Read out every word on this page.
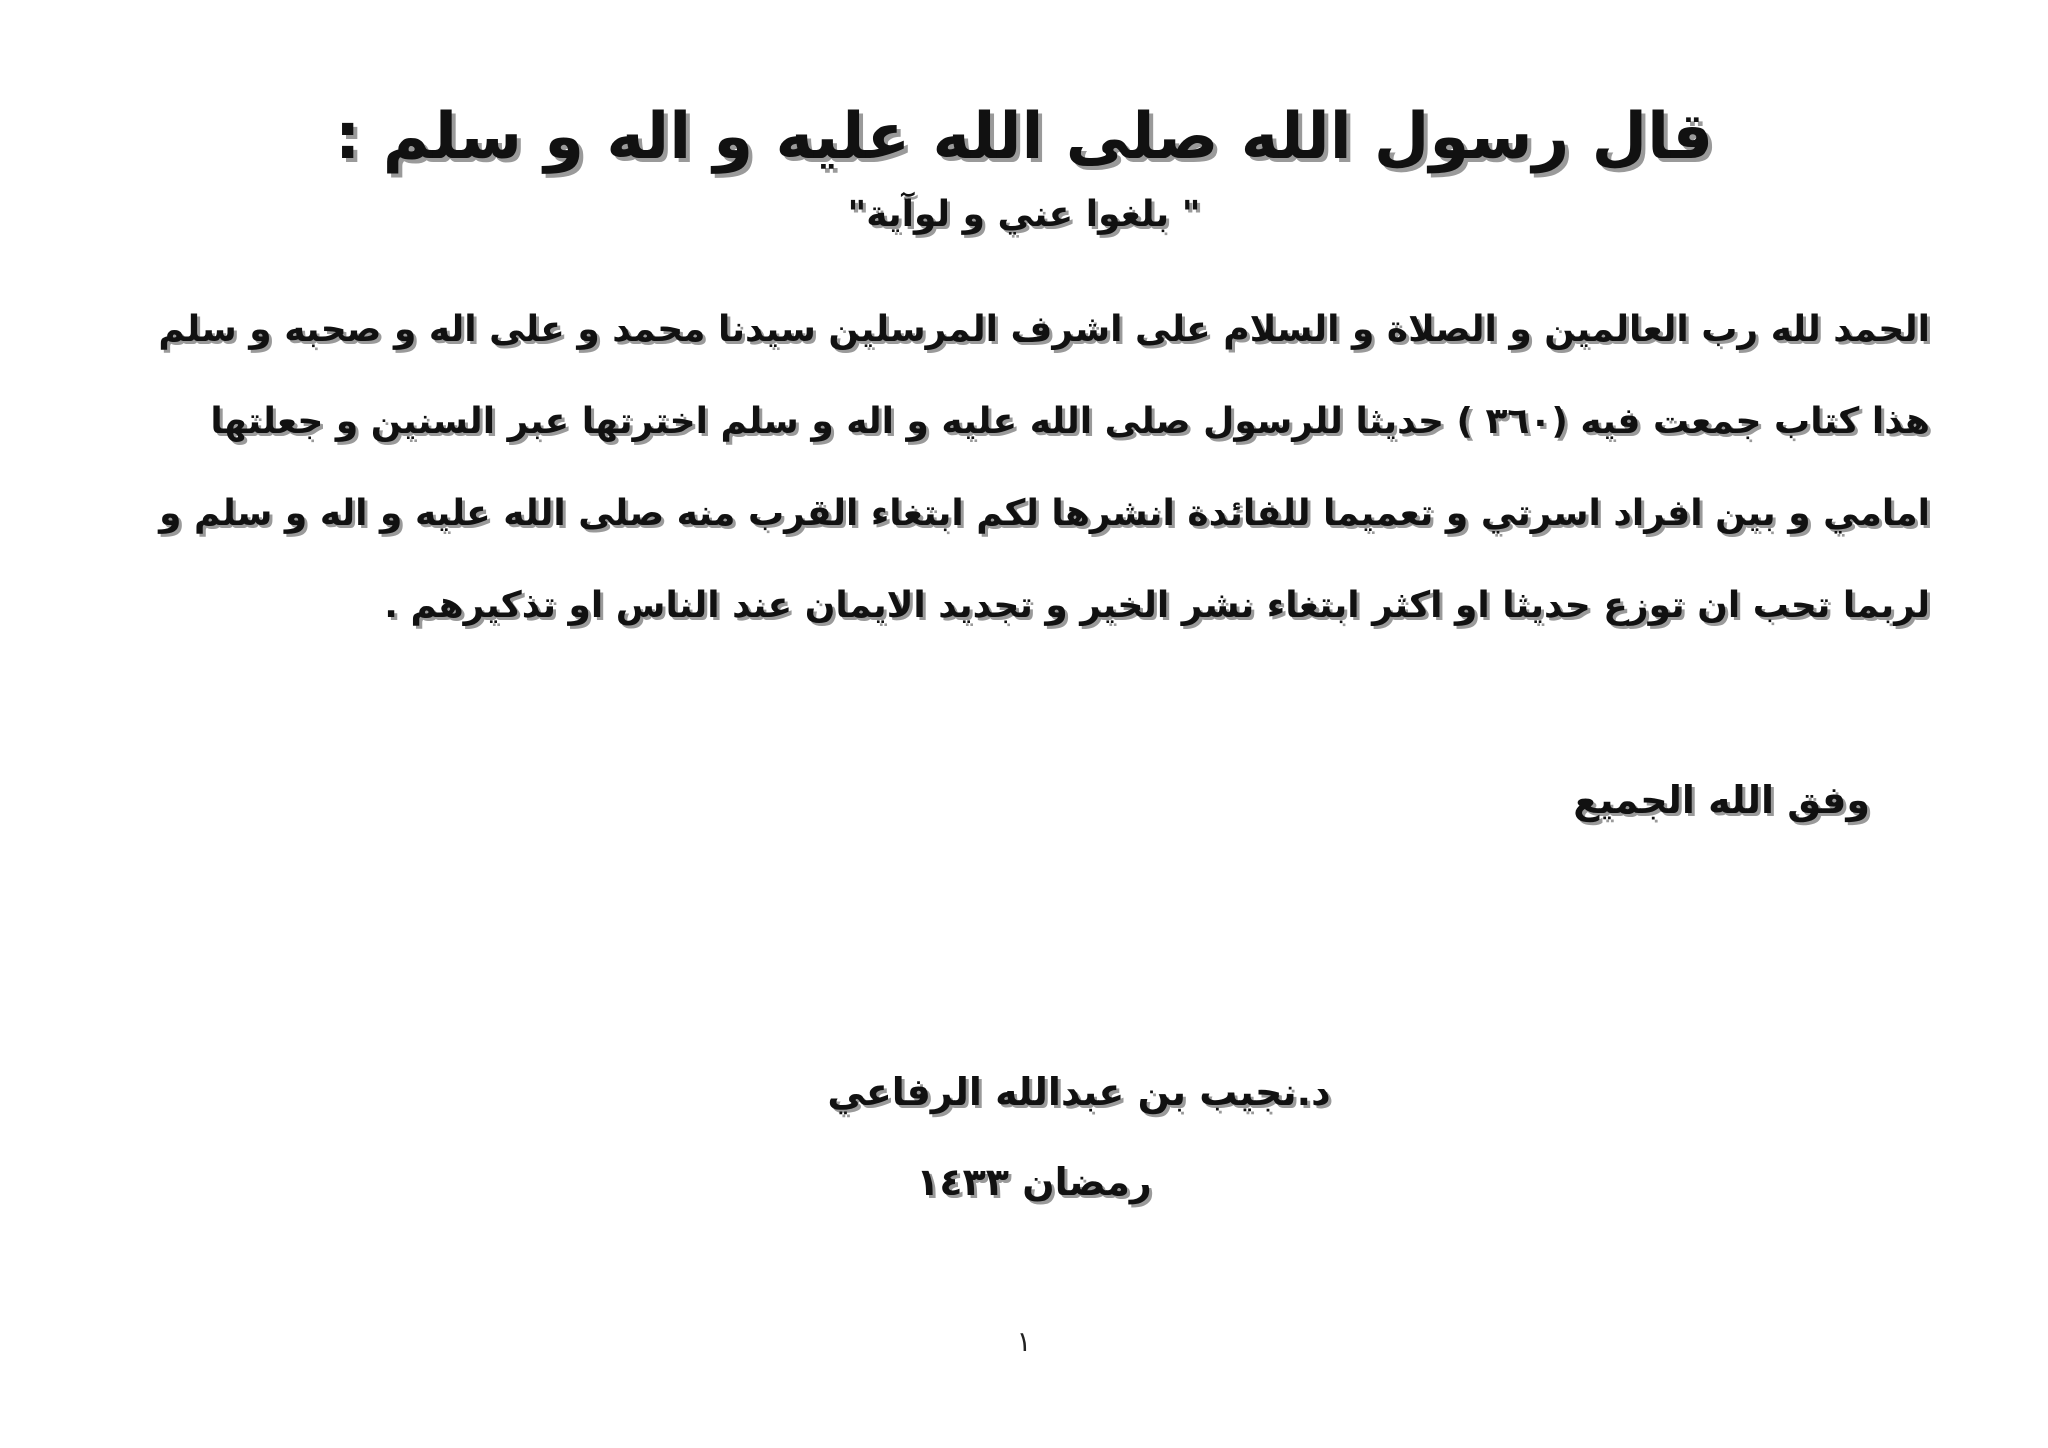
قال رسول الله صلى الله عليه و اله و سلم :
" بلغوا عني و لوآية"
الحمد لله رب العالمين و الصلاة و السلام على اشرف المرسلين سيدنا محمد و على اله و صحبه و سلم
هذا كتاب جمعت فيه (٣٦٠ ) حديثا للرسول صلى الله عليه و اله و سلم اخترتها عبر السنين و جعلتها
امامي و بين افراد اسرتي و تعميما للفائدة انشرها لكم ابتغاء القرب منه صلى الله عليه و اله و سلم و
لربما تحب ان توزع حديثا او اكثر ابتغاء نشر الخير و تجديد الايمان عند الناس او تذكيرهم .
وفق الله الجميع
د.نجيب بن عبدالله الرفاعي
رمضان ١٤٣٣
١
